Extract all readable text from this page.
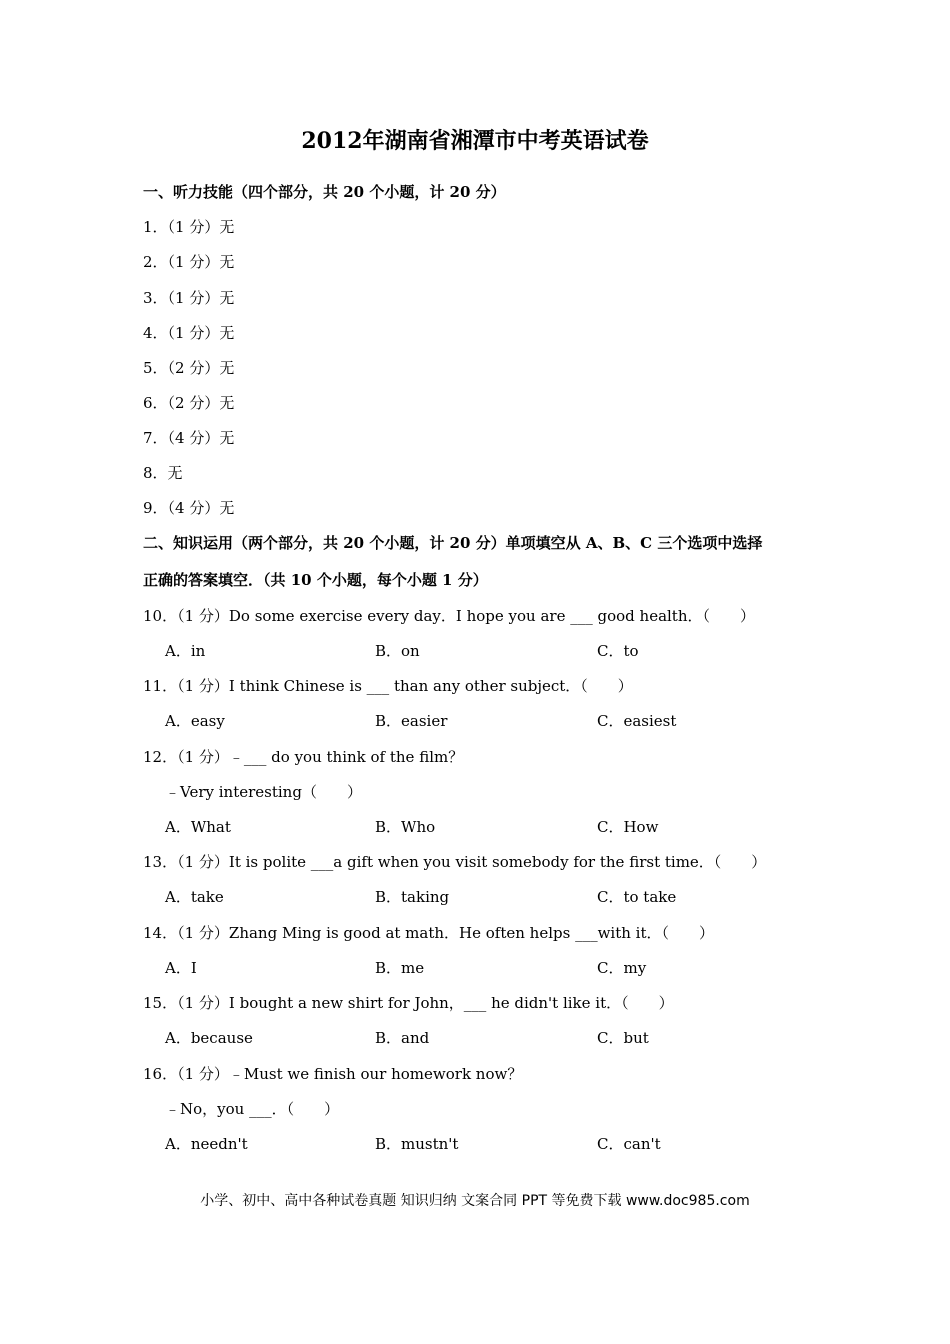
2012年湖南省湘潭市中考英语试卷
一、听力技能（四个部分，共 20 个小题，计 20 分）
1．（1 分）无
2．（1 分）无
3．（1 分）无
4．（1 分）无
5．（2 分）无
6．（2 分）无
7．（4 分）无
8．无
9．（4 分）无
二、知识运用（两个部分，共 20 个小题，计 20 分）单项填空从 A、B、C 三个选项中选择
正确的答案填空．（共 10 个小题，每个小题 1 分）
10．（1 分）Do some exercise every day．I hope you are ___ good health．（　　）
A．in	B．on	C．to
11．（1 分）I think Chinese is ___ than any other subject．（　　）
A．easy	B．easier	C．easiest
12．（1 分）﹣___ do you think of the film？
﹣Very interesting（　　）
A．What	B．Who	C．How
13．（1 分）It is polite ___a gift when you visit somebody for the first time．（　　）
A．take	B．taking	C．to take
14．（1 分）Zhang Ming is good at math．He often helps ___with it．（　　）
A．I	B．me	C．my
15．（1 分）I bought a new shirt for John，___ he didn't like it．（　　）
A．because	B．and	C．but
16．（1 分）﹣Must we finish our homework now？
﹣No，you ___．（　　）
A．needn't	B．mustn't	C．can't
小学、初中、高中各种试卷真题 知识归纳 文案合同 PPT 等免费下载 www.doc985.com
